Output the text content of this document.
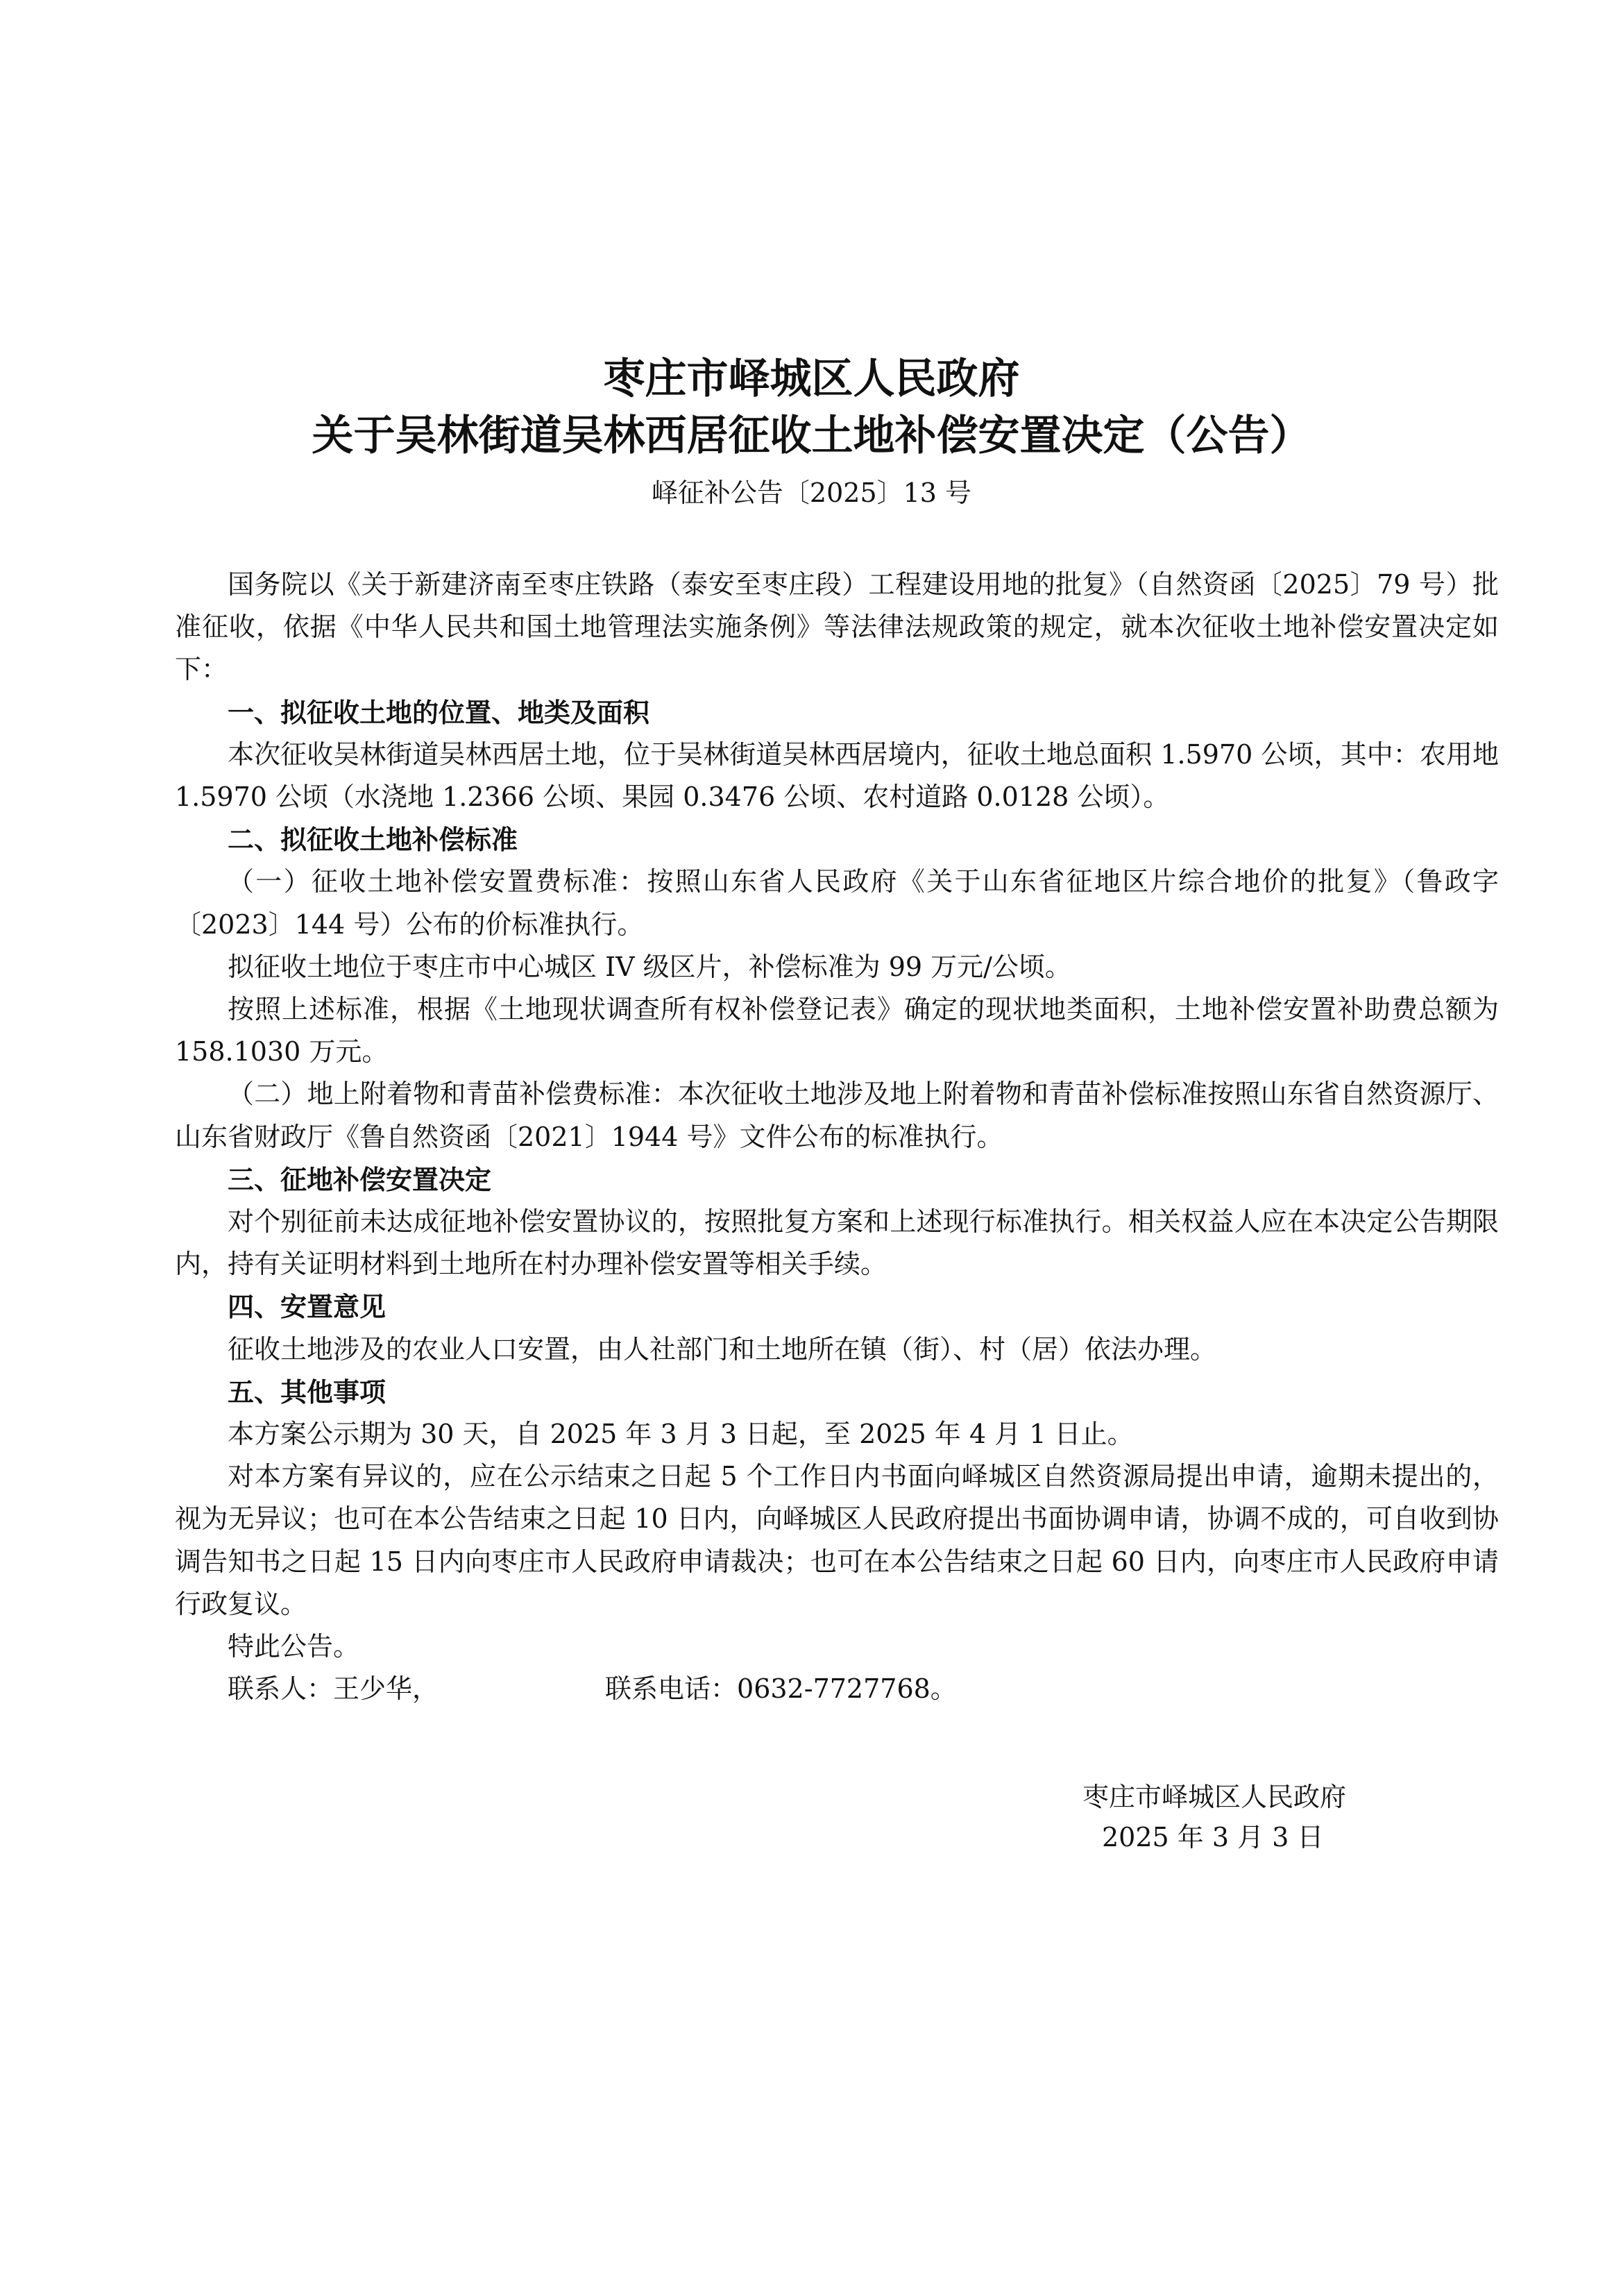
枣庄市峄城区人民政府
关于吴林街道吴林西居征收土地补偿安置决定（公告）
峄征补公告〔2025〕13 号

国务院以《关于新建济南至枣庄铁路（泰安至枣庄段）工程建设用地的批复》（自然资函〔2025〕79 号）批准征收，依据《中华人民共和国土地管理法实施条例》等法律法规政策的规定，就本次征收土地补偿安置决定如下：

一、拟征收土地的位置、地类及面积

本次征收吴林街道吴林西居土地，位于吴林街道吴林西居境内，征收土地总面积 1.5970 公顷，其中：农用地 1.5970 公顷（水浇地 1.2366 公顷、果园 0.3476 公顷、农村道路 0.0128 公顷）。

二、拟征收土地补偿标准

（一）征收土地补偿安置费标准：按照山东省人民政府《关于山东省征地区片综合地价的批复》（鲁政字〔2023〕144 号）公布的价标准执行。

拟征收土地位于枣庄市中心城区 IV 级区片，补偿标准为 99 万元/公顷。

按照上述标准，根据《土地现状调查所有权补偿登记表》确定的现状地类面积，土地补偿安置补助费总额为 158.1030 万元。

（二）地上附着物和青苗补偿费标准：本次征收土地涉及地上附着物和青苗补偿标准按照山东省自然资源厅、山东省财政厅《鲁自然资函〔2021〕1944 号》文件公布的标准执行。

三、征地补偿安置决定

对个别征前未达成征地补偿安置协议的，按照批复方案和上述现行标准执行。相关权益人应在本决定公告期限内，持有关证明材料到土地所在村办理补偿安置等相关手续。

四、安置意见

征收土地涉及的农业人口安置，由人社部门和土地所在镇（街）、村（居）依法办理。

五、其他事项

本方案公示期为 30 天，自 2025 年 3 月 3 日起，至 2025 年 4 月 1 日止。

对本方案有异议的，应在公示结束之日起 5 个工作日内书面向峄城区自然资源局提出申请，逾期未提出的，视为无异议；也可在本公告结束之日起 10 日内，向峄城区人民政府提出书面协调申请，协调不成的，可自收到协调告知书之日起 15 日内向枣庄市人民政府申请裁决；也可在本公告结束之日起 60 日内，向枣庄市人民政府申请行政复议。

特此公告。

联系人：王少华，	联系电话：0632-7727768。

枣庄市峄城区人民政府
2025 年 3 月 3 日
